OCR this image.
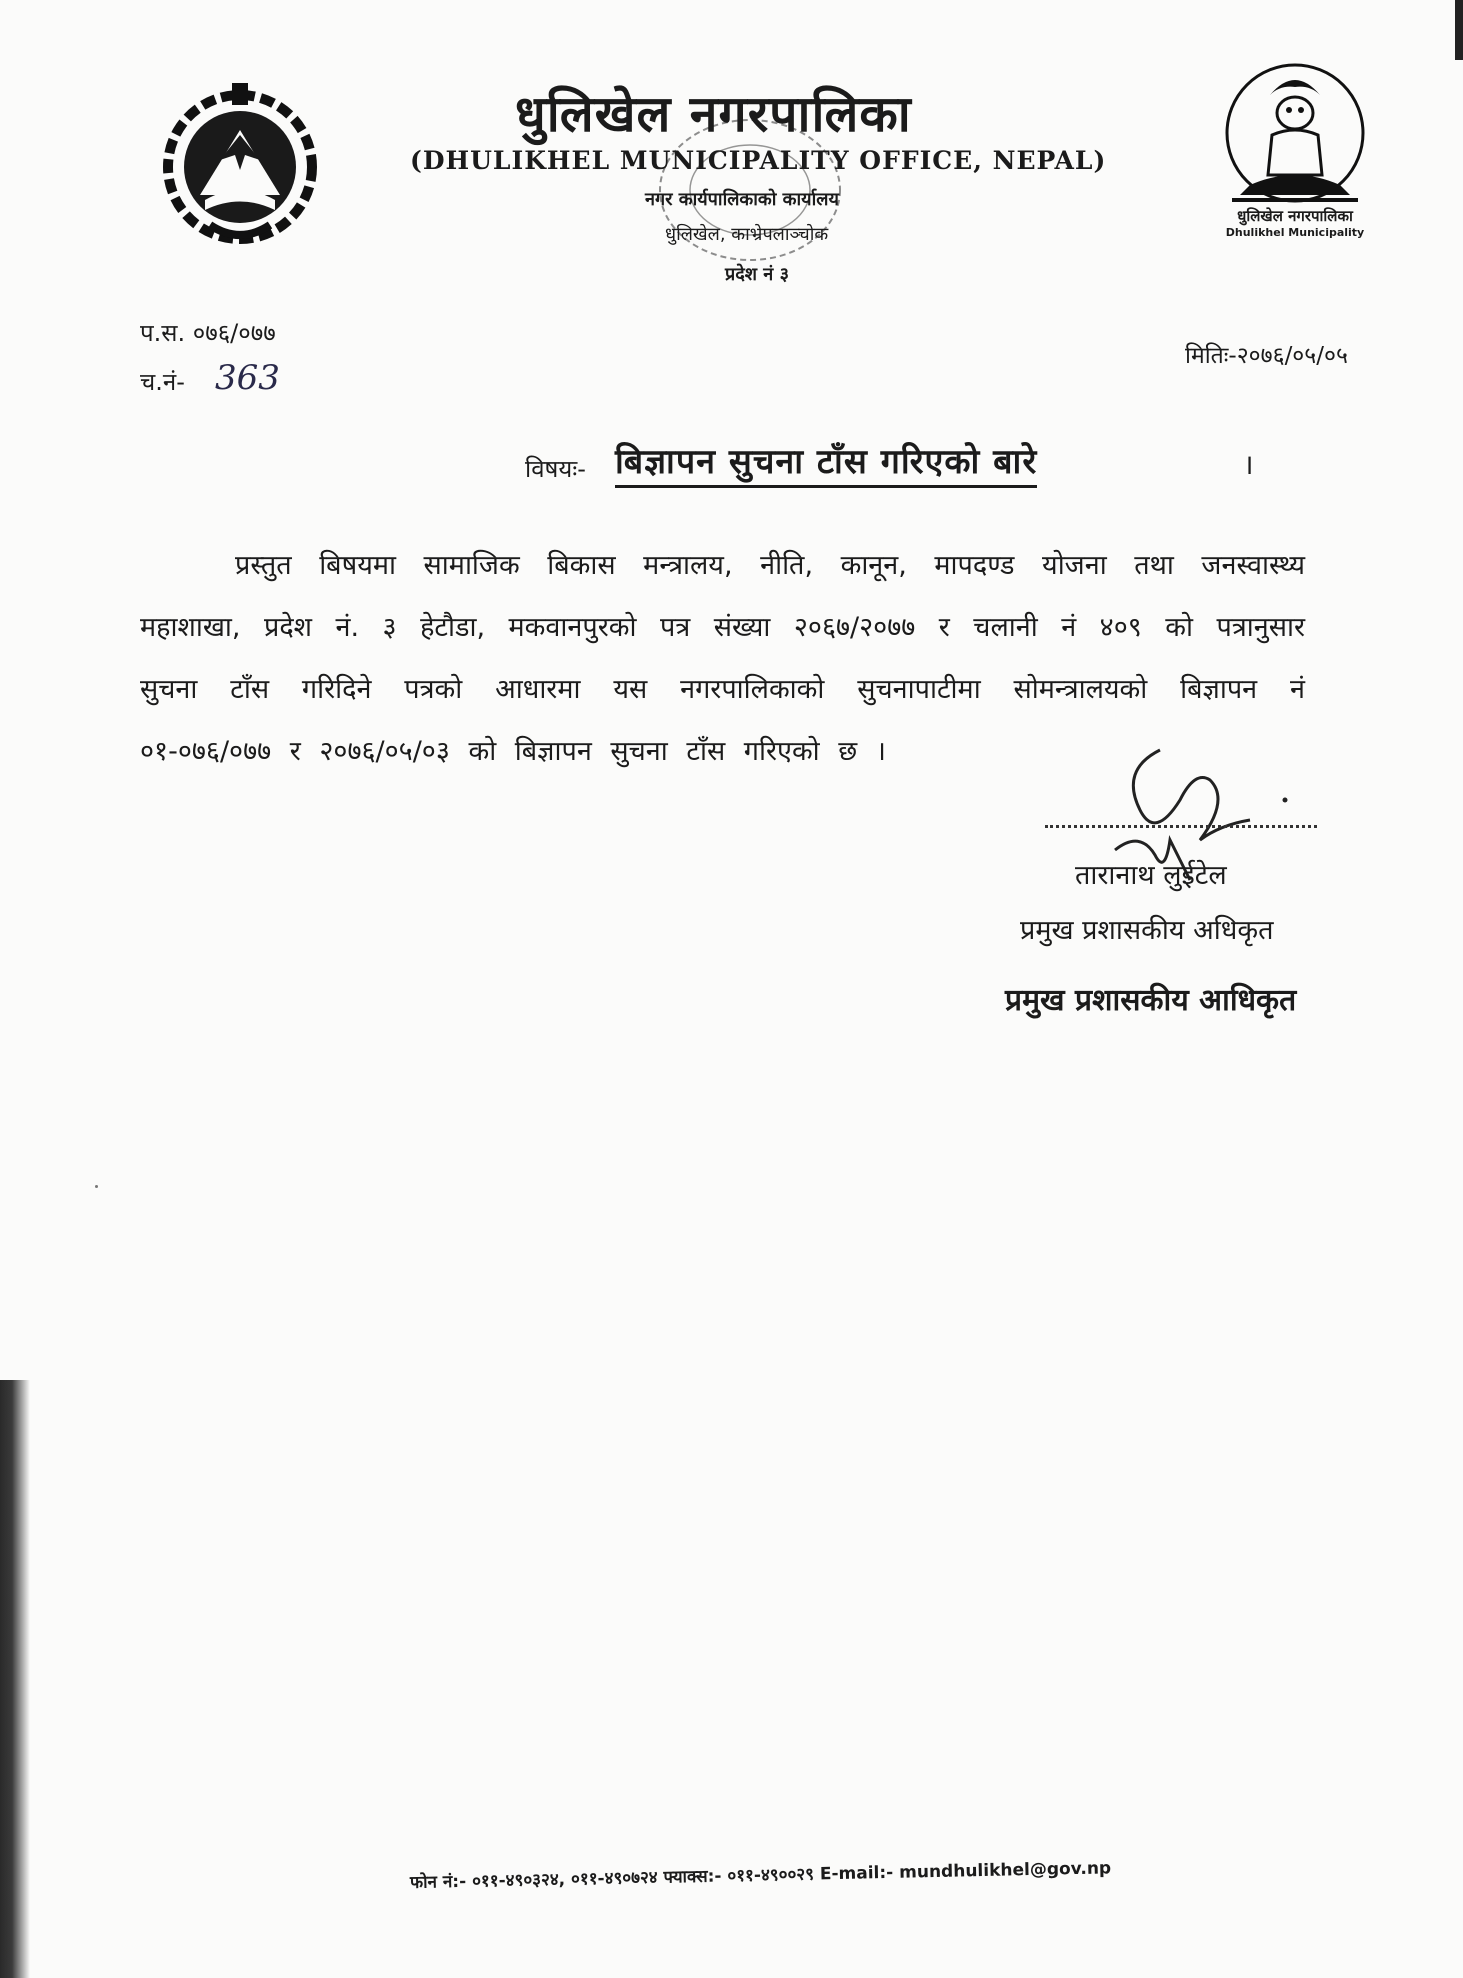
धुलिखेल नगरपालिका
Dhulikhel Municipality
धुलिखेल नगरपालिका
(DHULIKHEL MUNICIPALITY OFFICE, NEPAL)
नगर कार्यपालिकाको कार्यालय
धुलिखेल, काभ्रेपलाञ्चोक
प्रदेश नं ३
प.स. ०७६/०७७
च.नं- 363
मितिः-२०७६/०५/०५
विषयः- बिज्ञापन सुचना टाँस गरिएको बारे	।
प्रस्तुत बिषयमा सामाजिक बिकास मन्त्रालय, नीति, कानून, मापदण्ड योजना तथा जनस्वास्थ्य महाशाखा, प्रदेश नं. ३ हेटौडा, मकवानपुरको पत्र संख्या २०६७/२०७७ र चलानी नं ४०९ को पत्रानुसार सुचना टाँस गरिदिने पत्रको आधारमा यस नगरपालिकाको सुचनापाटीमा सोमन्त्रालयको बिज्ञापन नं ०१-०७६/०७७ र २०७६/०५/०३ को बिज्ञापन सुचना टाँस गरिएको छ ।
तारानाथ लुईटेल
प्रमुख प्रशासकीय अधिकृत
प्रमुख प्रशासकीय आधिकृत
फोन नं:- ०११-४९०३२४, ०११-४९०७२४ फ्याक्स:- ०११-४९००२९ E-mail:- mundhulikhel@gov.np
